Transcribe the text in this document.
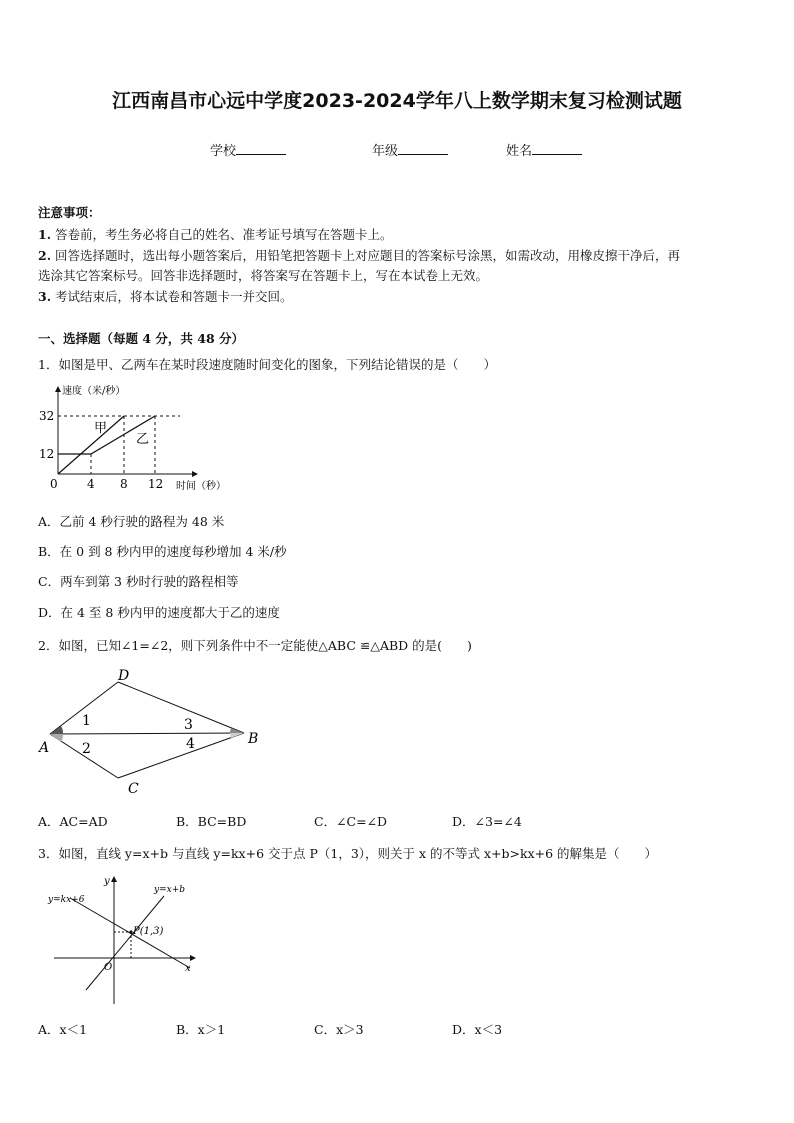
江西南昌市心远中学度2023-2024学年八上数学期末复习检测试题
学校	年级	姓名
注意事项：
1. 答卷前，考生务必将自己的姓名、准考证号填写在答题卡上。
2. 回答选择题时，选出每小题答案后，用铅笔把答题卡上对应题目的答案标号涂黑，如需改动，用橡皮擦干净后，再
选涂其它答案标号。回答非选择题时，将答案写在答题卡上，写在本试卷上无效。
3. 考试结束后，将本试卷和答题卡一并交回。
一、选择题（每题 4 分，共 48 分）
1．如图是甲、乙两车在某时段速度随时间变化的图象，下列结论错误的是（　　）
速度（米/秒）
时间（秒）
32
12
0 4 8 12
甲
乙
A．乙前 4 秒行驶的路程为 48 米
B．在 0 到 8 秒内甲的速度每秒增加 4 米/秒
C．两车到第 3 秒时行驶的路程相等
D．在 4 至 8 秒内甲的速度都大于乙的速度
2．如图，已知∠1=∠2，则下列条件中不一定能使△ABC ≌△ABD 的是(　　)
A
B
C
D
1
2
3
4
A．AC=AD	B．BC=BD	C．∠C=∠D	D．∠3=∠4
3．如图，直线 y=x+b 与直线 y=kx+6 交于点 P（1，3），则关于 x 的不等式 x+b>kx+6 的解集是（　　）
y=kx+6
y=x+b
P(1,3)
x
y
O
A．x＜1	B．x＞1	C．x＞3	D．x＜3
